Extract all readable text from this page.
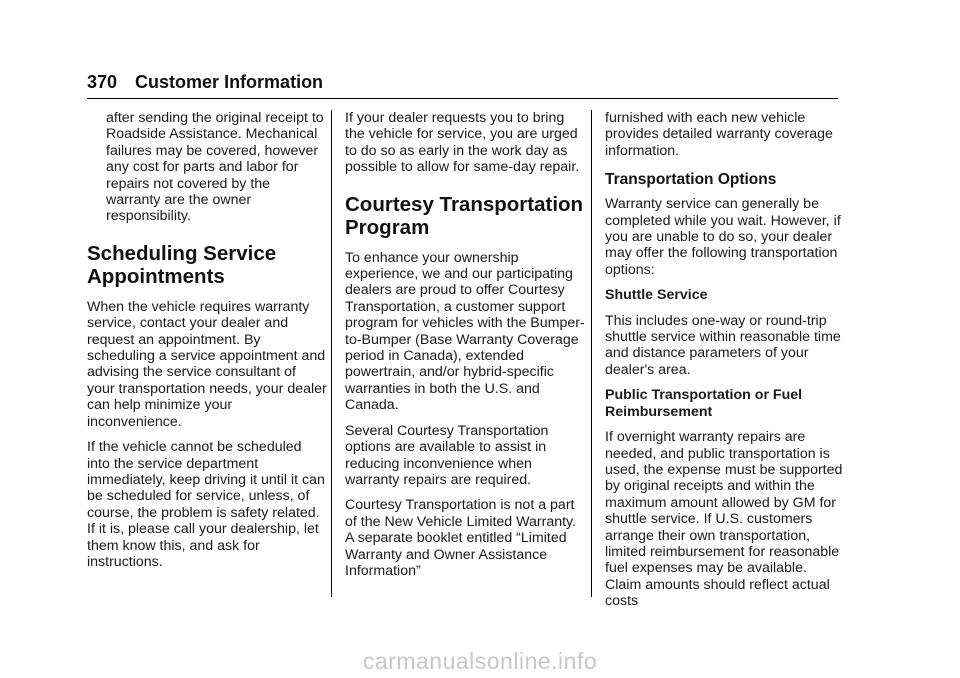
370 Customer Information

after sending the original receipt to Roadside Assistance. Mechanical failures may be covered, however any cost for parts and labor for repairs not covered by the warranty are the owner responsibility.

Scheduling Service
Appointments

When the vehicle requires warranty service, contact your dealer and request an appointment. By scheduling a service appointment and advising the service consultant of your transportation needs, your dealer can help minimize your inconvenience.

If the vehicle cannot be scheduled into the service department immediately, keep driving it until it can be scheduled for service, unless, of course, the problem is safety related. If it is, please call your dealership, let them know this, and ask for instructions.

If your dealer requests you to bring the vehicle for service, you are urged to do so as early in the work day as possible to allow for same-day repair.

Courtesy Transportation
Program

To enhance your ownership experience, we and our participating dealers are proud to offer Courtesy Transportation, a customer support program for vehicles with the Bumper-to-Bumper (Base Warranty Coverage period in Canada), extended powertrain, and/or hybrid-specific warranties in both the U.S. and Canada.

Several Courtesy Transportation options are available to assist in reducing inconvenience when warranty repairs are required.

Courtesy Transportation is not a part of the New Vehicle Limited Warranty. A separate booklet entitled “Limited Warranty and Owner Assistance Information”

furnished with each new vehicle provides detailed warranty coverage information.

Transportation Options

Warranty service can generally be completed while you wait. However, if you are unable to do so, your dealer may offer the following transportation options:

Shuttle Service

This includes one-way or round-trip shuttle service within reasonable time and distance parameters of your dealer's area.

Public Transportation or Fuel Reimbursement

If overnight warranty repairs are needed, and public transportation is used, the expense must be supported by original receipts and within the maximum amount allowed by GM for shuttle service. If U.S. customers arrange their own transportation, limited reimbursement for reasonable fuel expenses may be available. Claim amounts should reflect actual costs

carmanualsonline.info
